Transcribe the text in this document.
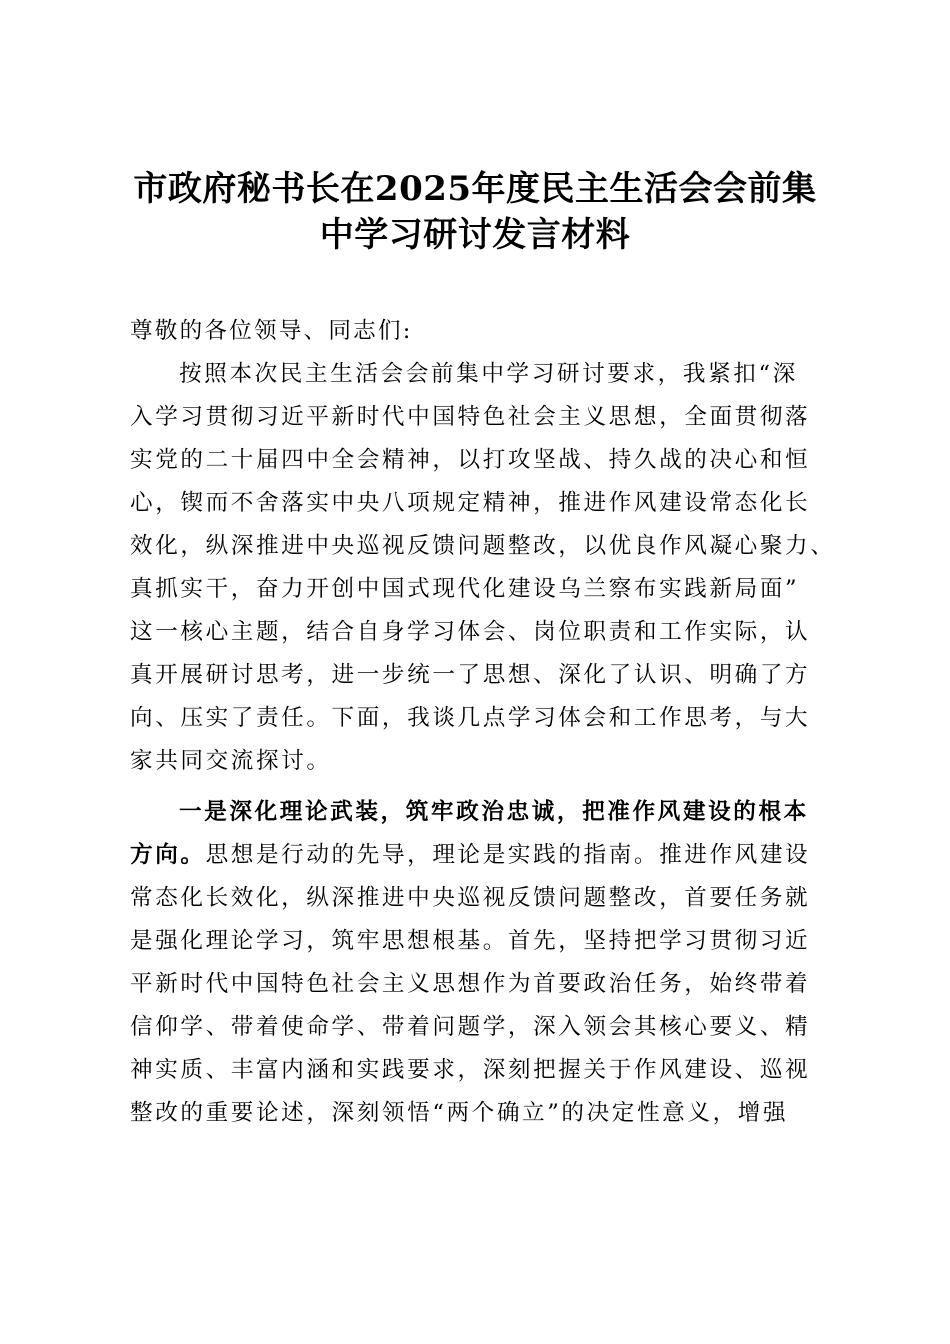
市政府秘书长在2025年度民主生活会会前集
中学习研讨发言材料
尊敬的各位领导、同志们:
按照本次民主生活会会前集中学习研讨要求，我紧扣“深
入学习贯彻习近平新时代中国特色社会主义思想，全面贯彻落
实党的二十届四中全会精神，以打攻坚战、持久战的决心和恒
心，锲而不舍落实中央八项规定精神，推进作风建设常态化长
效化，纵深推进中央巡视反馈问题整改，以优良作风凝心聚力、
真抓实干，奋力开创中国式现代化建设乌兰察布实践新局面”
这一核心主题，结合自身学习体会、岗位职责和工作实际，认
真开展研讨思考，进一步统一了思想、深化了认识、明确了方
向、压实了责任。下面，我谈几点学习体会和工作思考，与大
家共同交流探讨。
一是深化理论武装，筑牢政治忠诚，把准作风建设的根本
方向。思想是行动的先导，理论是实践的指南。推进作风建设
常态化长效化，纵深推进中央巡视反馈问题整改，首要任务就
是强化理论学习，筑牢思想根基。首先，坚持把学习贯彻习近
平新时代中国特色社会主义思想作为首要政治任务，始终带着
信仰学、带着使命学、带着问题学，深入领会其核心要义、精
神实质、丰富内涵和实践要求，深刻把握关于作风建设、巡视
整改的重要论述，深刻领悟“两个确立”的决定性意义，增强
